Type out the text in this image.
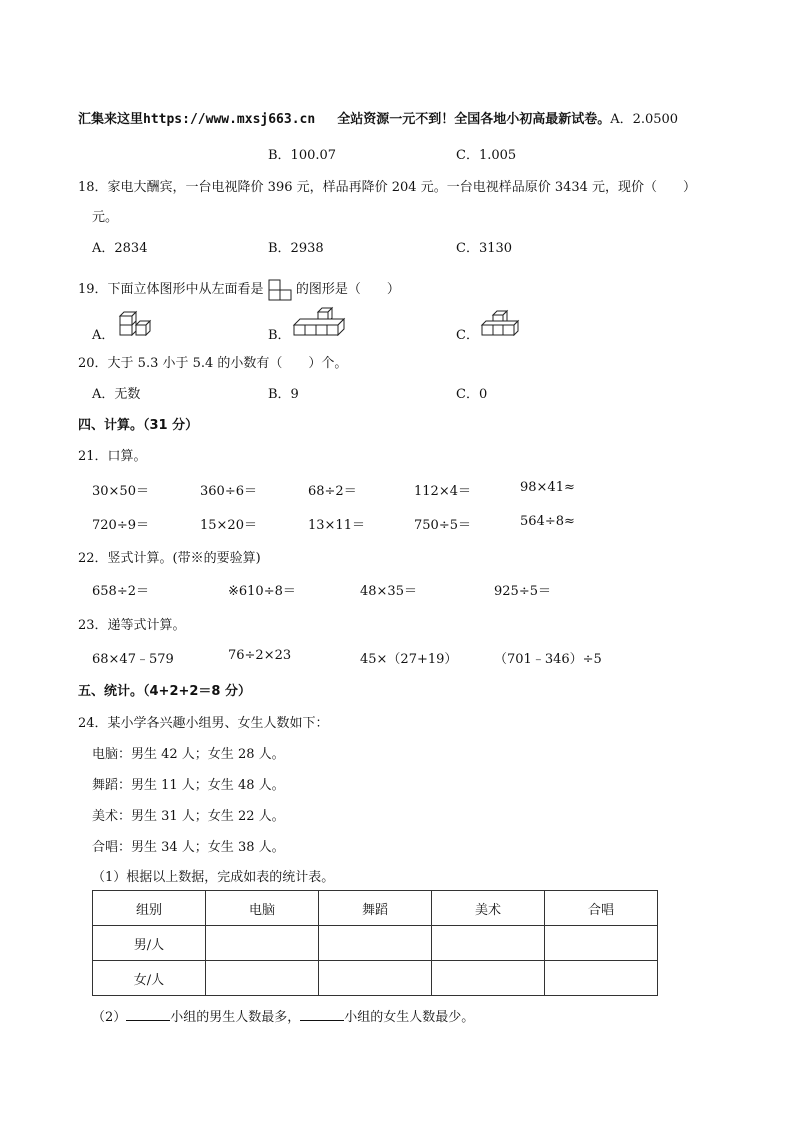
汇集来这里https://www.mxsj663.cn 全站资源一元不到！全国各地小初高最新试卷。A．2.0500
B．100.07	C．1.005
18．家电大酬宾，一台电视降价 396 元，样品再降价 204 元。一台电视样品原价 3434 元，现价（　　）
元。
A．2834	B．2938	C．3130
19．下面立体图形中从左面看是 的图形是（　　）
A．	B．	C．
20．大于 5.3 小于 5.4 的小数有（　　）个。
A．无数	B．9	C．0
四、计算。（31 分）
21．口算。
30×50＝	360÷6＝	68÷2＝	112×4＝	98×41≈
720÷9＝	15×20＝	13×11＝	750÷5＝	564÷8≈
22．竖式计算。(带※的要验算)
658÷2＝	※610÷8＝	48×35＝	925÷5＝
23．递等式计算。
68×47﹣579	76÷2×23	45×（27+19）	（701﹣346）÷5
五、统计。（4+2+2＝8 分）
24．某小学各兴趣小组男、女生人数如下：
电脑：男生 42 人；女生 28 人。
舞蹈：男生 11 人；女生 48 人。
美术：男生 31 人；女生 22 人。
合唱：男生 34 人；女生 38 人。
（1）根据以上数据，完成如表的统计表。
组别	电脑	舞蹈	美术	合唱
男/人				
女/人				
（2）	小组的男生人数最多，	小组的女生人数最少。
